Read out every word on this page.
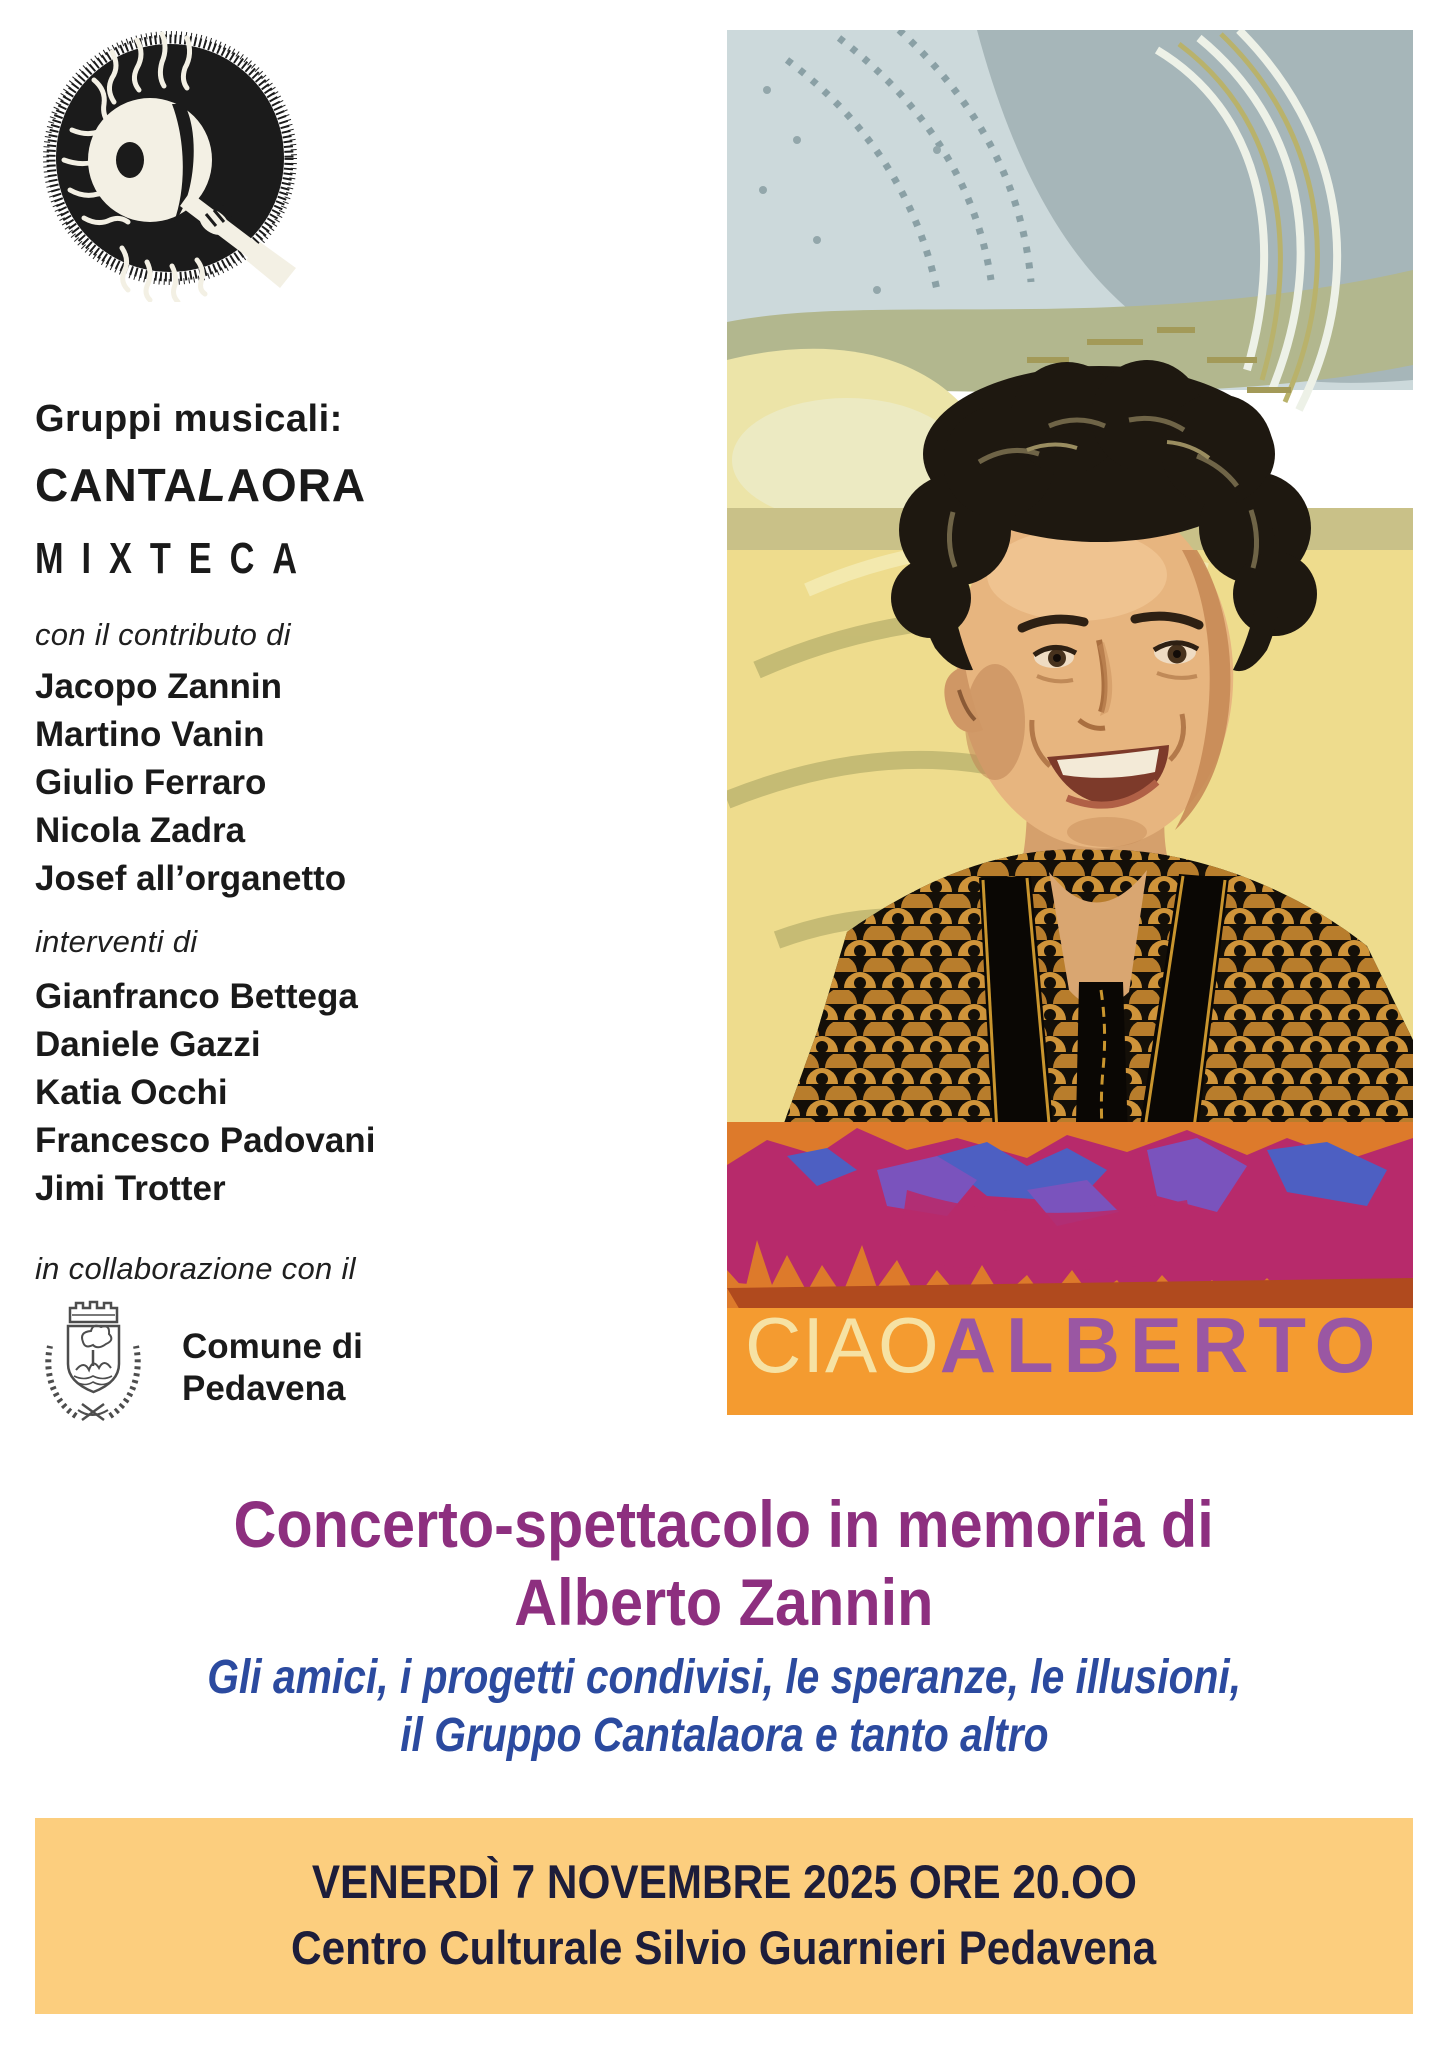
Gruppi musicali:
CANTALAORA
MIXTECA
con il contributo di
Jacopo Zannin
Martino Vanin
Giulio Ferraro
Nicola Zadra
Josef all’organetto
interventi di
Gianfranco Bettega
Daniele Gazzi
Katia Occhi
Francesco Padovani
Jimi Trotter
in collaborazione con il
Comune di
Pedavena	CIAOALBERTO
Concerto-spettacolo in memoria di
Alberto Zannin
Gli amici, i progetti condivisi, le speranze, le illusioni,
il Gruppo Cantalaora e tanto altro
VENERDÌ 7 NOVEMBRE 2025 ORE 20.OO
Centro Culturale Silvio Guarnieri Pedavena
